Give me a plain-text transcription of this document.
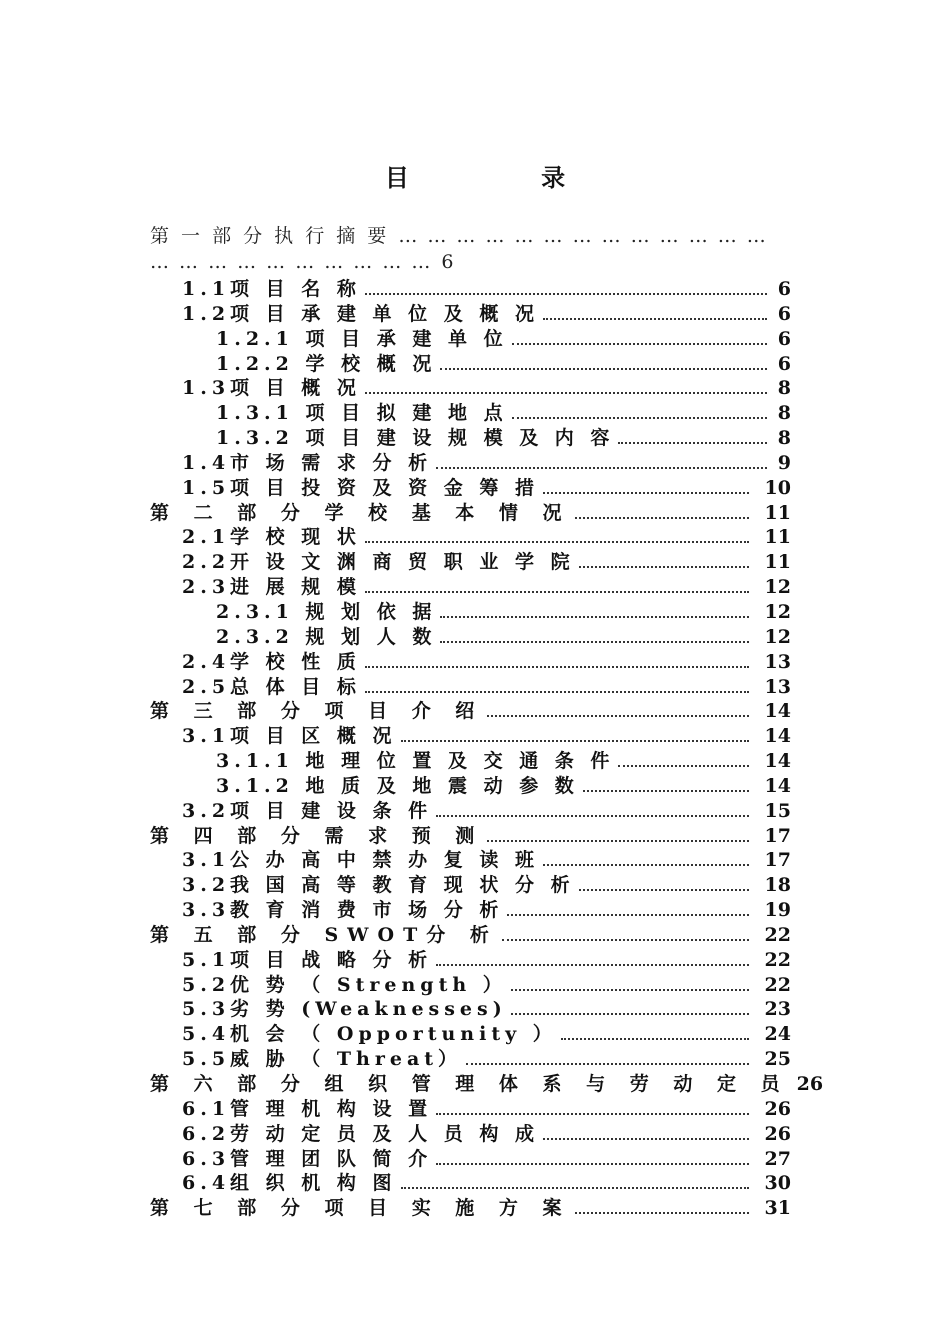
目 录
第 一 部 分 执 行 摘 要 … … … … … … … … … … … … … … … … … … … … … … … 6
1.1项 目 名 称	6
1.2项 目 承 建 单 位 及 概 况	6
1.2.1 项 目 承 建 单 位	6
1.2.2 学 校 概 况	6
1.3项 目 概 况	8
1.3.1 项 目 拟 建 地 点	8
1.3.2 项 目 建 设 规 模 及 内 容	8
1.4市 场 需 求 分 析	9
1.5项 目 投 资 及 资 金 筹 措	10
第 二 部 分 学 校 基 本 情 况	11
2.1学 校 现 状	11
2.2开 设 文 渊 商 贸 职 业 学 院	11
2.3进 展 规 模	12
2.3.1 规 划 依 据	12
2.3.2 规 划 人 数	12
2.4学 校 性 质	13
2.5总 体 目 标	13
第 三 部 分 项 目 介 绍	14
3.1项 目 区 概 况	14
3.1.1 地 理 位 置 及 交 通 条 件	14
3.1.2 地 质 及 地 震 动 参 数	14
3.2项 目 建 设 条 件	15
第 四 部 分 需 求 预 测	17
3.1公 办 高 中 禁 办 复 读 班	17
3.2我 国 高 等 教 育 现 状 分 析	18
3.3教 育 消 费 市 场 分 析	19
第 五 部 分 SWOT分 析	22
5.1项 目 战 略 分 析	22
5.2优 势 （ Strength ）	22
5.3劣 势 (Weaknesses)	23
5.4机 会 （ Opportunity ）	24
5.5威 胁 （ Threat）	25
第 六 部 分 组 织 管 理 体 系 与 劳 动 定 员 26
6.1管 理 机 构 设 置	26
6.2劳 动 定 员 及 人 员 构 成	26
6.3管 理 团 队 简 介	27
6.4组 织 机 构 图	30
第 七 部 分 项 目 实 施 方 案	31
